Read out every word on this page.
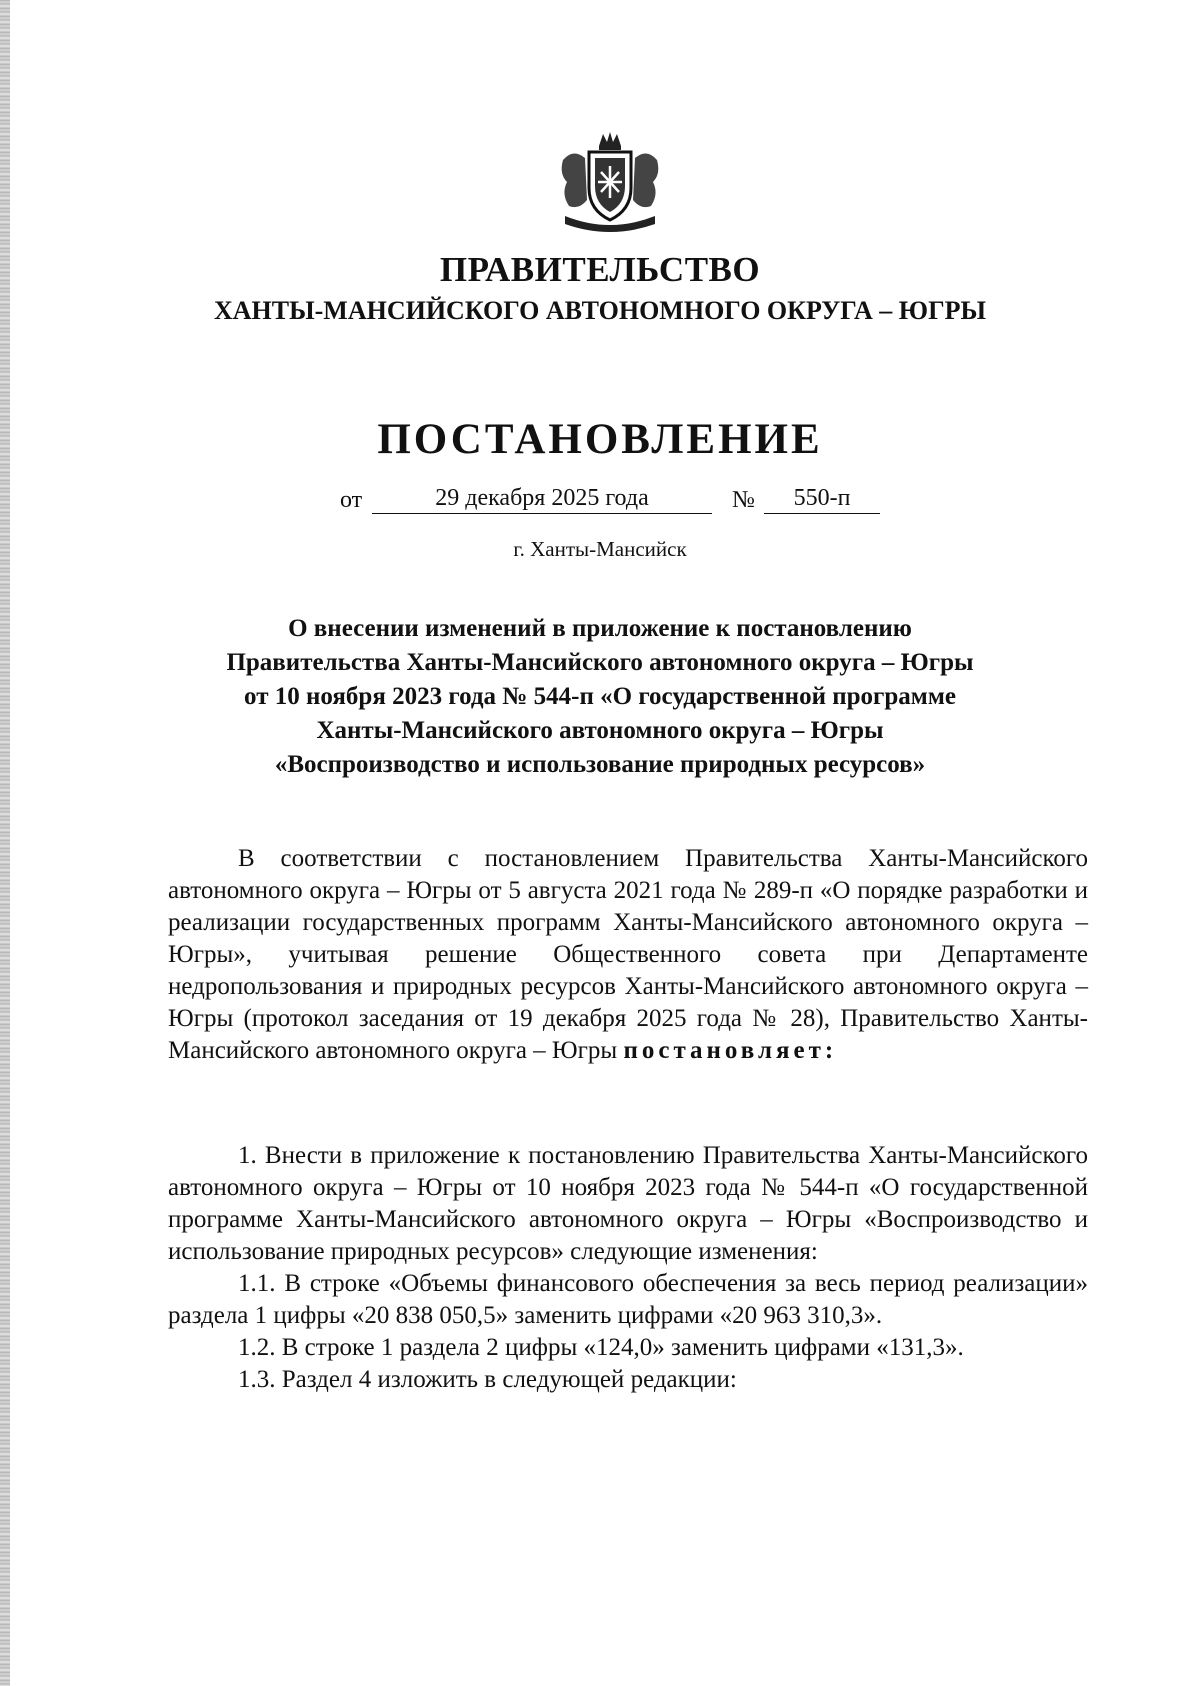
ПРАВИТЕЛЬСТВО

ХАНТЫ-МАНСИЙСКОГО АВТОНОМНОГО ОКРУГА – ЮГРЫ

ПОСТАНОВЛЕНИЕ

от	29 декабря 2025 года	№	550-п

г. Ханты-Мансийск

О внесении изменений в приложение к постановлению
Правительства Ханты-Мансийского автономного округа – Югры
от 10 ноября 2023 года № 544-п «О государственной программе
Ханты-Мансийского автономного округа – Югры
«Воспроизводство и использование природных ресурсов»

В соответствии с постановлением Правительства Ханты-Мансийского автономного округа – Югры от 5 августа 2021 года № 289-п «О порядке разработки и реализации государственных программ Ханты-Мансийского автономного округа – Югры», учитывая решение Общественного совета при Департаменте недропользования и природных ресурсов Ханты-Мансийского автономного округа – Югры (протокол заседания от 19 декабря 2025 года № 28), Правительство Ханты-Мансийского автономного округа – Югры постановляет:

1. Внести в приложение к постановлению Правительства Ханты-Мансийского автономного округа – Югры от 10 ноября 2023 года № 544-п «О государственной программе Ханты-Мансийского автономного округа – Югры «Воспроизводство и использование природных ресурсов» следующие изменения:

1.1. В строке «Объемы финансового обеспечения за весь период реализации» раздела 1 цифры «20 838 050,5» заменить цифрами «20 963 310,3».

1.2. В строке 1 раздела 2 цифры «124,0» заменить цифрами «131,3».

1.3. Раздел 4 изложить в следующей редакции:
